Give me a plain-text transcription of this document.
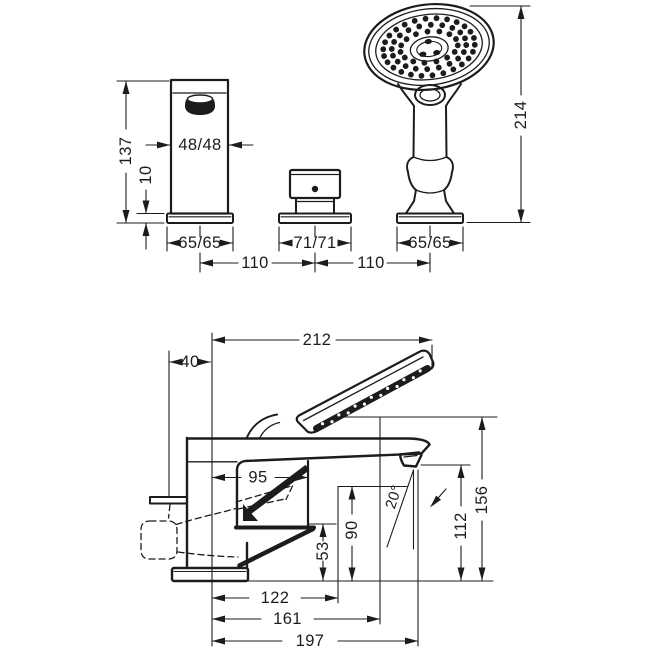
137
10
48/48
65/65	71/71	65/65
110	110
214
20°
212
40
95
156
112
90
53
122
161
197
